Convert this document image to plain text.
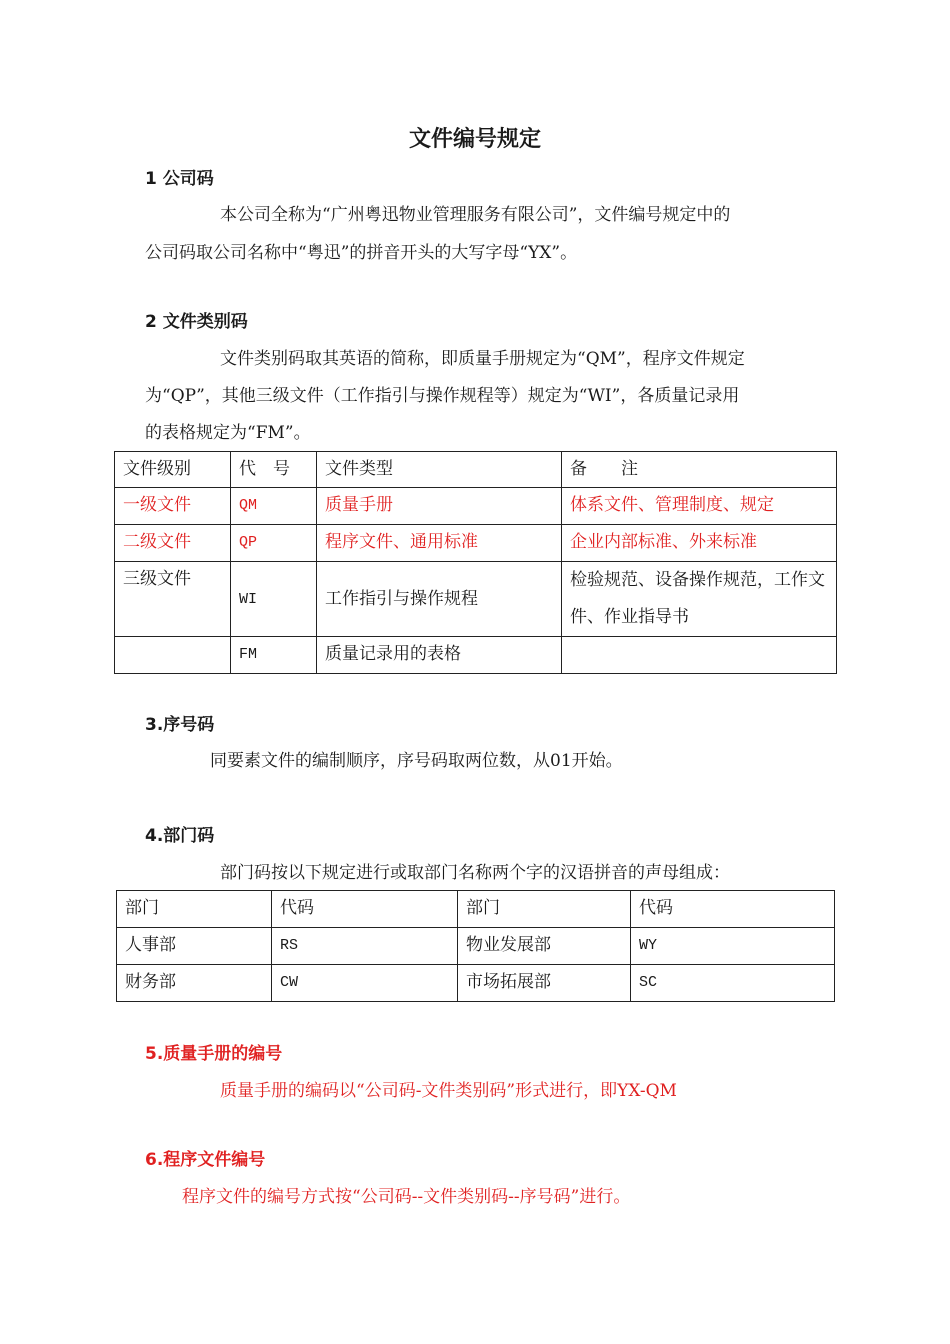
文件编号规定
1 公司码
本公司全称为“广州粤迅物业管理服务有限公司”，文件编号规定中的
公司码取公司名称中“粤迅”的拼音开头的大写字母“YX”。
2 文件类别码
文件类别码取其英语的简称，即质量手册规定为“QM”，程序文件规定
为“QP”，其他三级文件（工作指引与操作规程等）规定为“WI”，各质量记录用
的表格规定为“FM”。
文件级别	代　号	文件类型	备　　注
一级文件	QM	质量手册	体系文件、管理制度、规定
二级文件	QP	程序文件、通用标准	企业内部标准、外来标准
三级文件	WI	工作指引与操作规程	检验规范、设备操作规范，工作文件、作业指导书
	FM	质量记录用的表格	
3.序号码
同要素文件的编制顺序，序号码取两位数，从01开始。
4.部门码
部门码按以下规定进行或取部门名称两个字的汉语拼音的声母组成：
部门	代码	部门	代码
人事部	RS	物业发展部	WY
财务部	CW	市场拓展部	SC
5.质量手册的编号
质量手册的编码以“公司码-文件类别码”形式进行，即YX-QM
6.程序文件编号
程序文件的编号方式按“公司码--文件类别码--序号码”进行。
